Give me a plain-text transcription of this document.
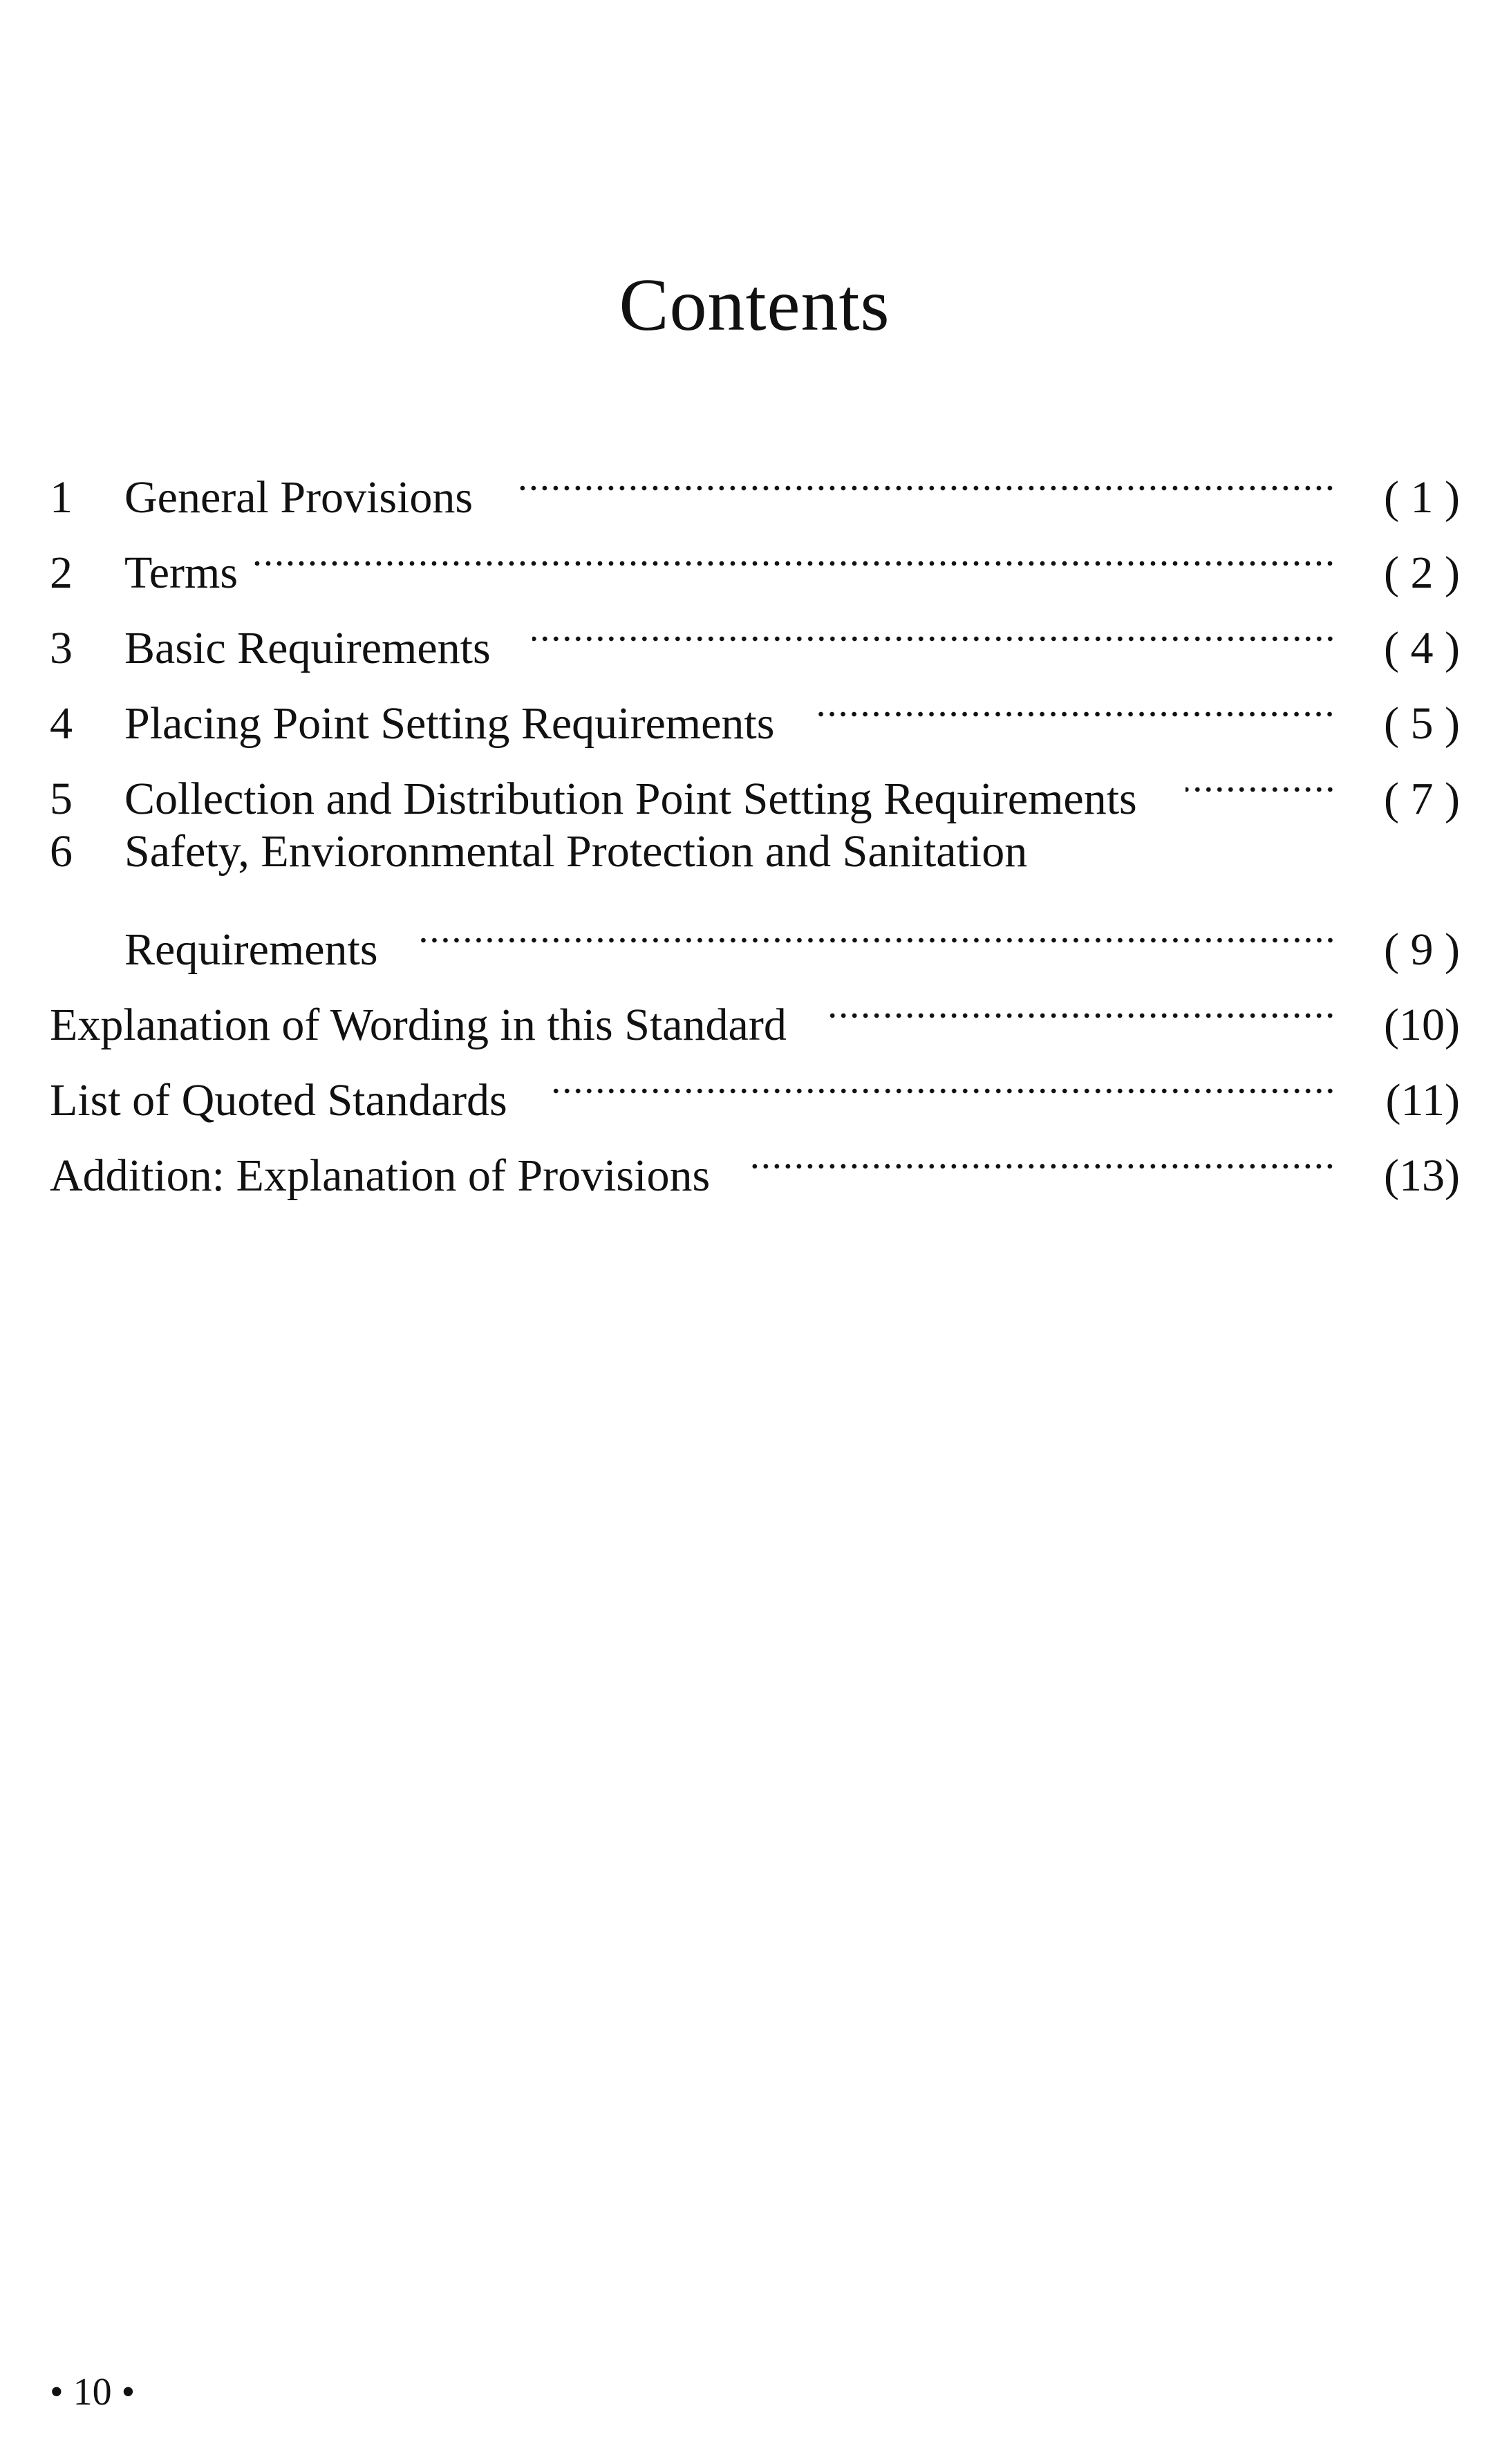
Contents
1	General Provisions	( 1 )
2	Terms	( 2 )
3	Basic Requirements	( 4 )
4	Placing Point Setting Requirements	( 5 )
5	Collection and Distribution Point Setting Requirements	( 7 )
6	Safety, Envioronmental Protection and Sanitation
Requirements	( 9 )
Explanation of Wording in this Standard	(10)
List of Quoted Standards	(11)
Addition: Explanation of Provisions	(13)
• 10 •
